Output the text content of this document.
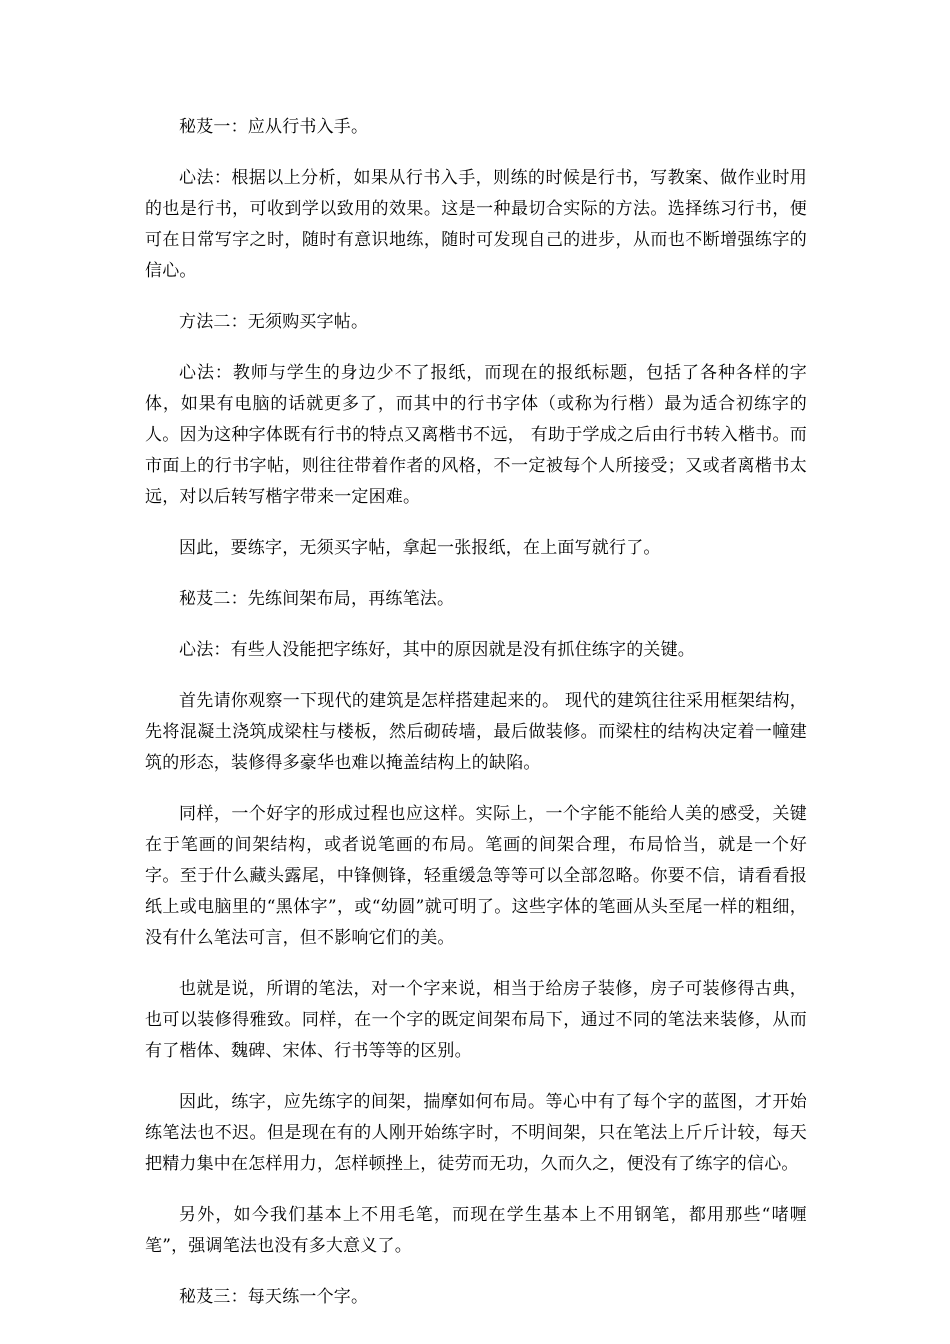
秘芨一：应从行书入手。

心法：根据以上分析，如果从行书入手，则练的时候是行书，写教案、做作业时用的也是行书，可收到学以致用的效果。这是一种最切合实际的方法。选择练习行书，便可在日常写字之时，随时有意识地练，随时可发现自己的进步，从而也不断增强练字的信心。

方法二：无须购买字帖。

心法：教师与学生的身边少不了报纸，而现在的报纸标题，包括了各种各样的字体，如果有电脑的话就更多了，而其中的行书字体（或称为行楷）最为适合初练字的人。因为这种字体既有行书的特点又离楷书不远， 有助于学成之后由行书转入楷书。而市面上的行书字帖，则往往带着作者的风格，不一定被每个人所接受；又或者离楷书太远，对以后转写楷字带来一定困难。

因此，要练字，无须买字帖，拿起一张报纸，在上面写就行了。

秘芨二：先练间架布局，再练笔法。

心法：有些人没能把字练好，其中的原因就是没有抓住练字的关键。

首先请你观察一下现代的建筑是怎样搭建起来的。 现代的建筑往往采用框架结构，先将混凝土浇筑成梁柱与楼板，然后砌砖墙，最后做装修。而梁柱的结构决定着一幢建筑的形态，装修得多豪华也难以掩盖结构上的缺陷。

同样，一个好字的形成过程也应这样。实际上，一个字能不能给人美的感受，关键在于笔画的间架结构，或者说笔画的布局。笔画的间架合理，布局恰当，就是一个好字。至于什么藏头露尾，中锋侧锋，轻重缓急等等可以全部忽略。你要不信，请看看报纸上或电脑里的“黑体字”，或“幼圆”就可明了。这些字体的笔画从头至尾一样的粗细，没有什么笔法可言，但不影响它们的美。

也就是说，所谓的笔法，对一个字来说，相当于给房子装修，房子可装修得古典，也可以装修得雅致。同样，在一个字的既定间架布局下，通过不同的笔法来装修，从而有了楷体、魏碑、宋体、行书等等的区别。

因此，练字，应先练字的间架，揣摩如何布局。等心中有了每个字的蓝图，才开始练笔法也不迟。但是现在有的人刚开始练字时，不明间架，只在笔法上斤斤计较，每天把精力集中在怎样用力，怎样顿挫上，徒劳而无功，久而久之，便没有了练字的信心。

另外，如今我们基本上不用毛笔，而现在学生基本上不用钢笔，都用那些“啫喱笔”，强调笔法也没有多大意义了。

秘芨三：每天练一个字。
